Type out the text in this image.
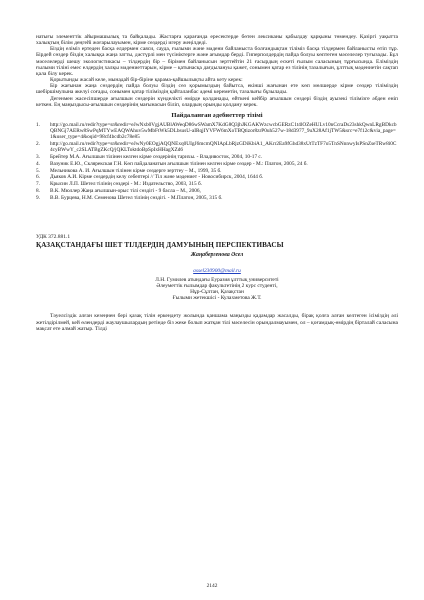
натығы элементтік айырмашылық та байқалады. Жастарға қарағанда ересектерде бөтен лексиканы қабылдау қарқыны төмендеу. Қазіргі уақытта халықтың білім деңгейі жоғарылауымен, кірме сөздерді игеру жеңілдеді.

Біздің еліміз ертеден басқа елдермен саяси, сауда, ғылыми және мәдени байланыста болғандықтан тіліміз басқа тілдермен байланысты өтіп тұр. Бірдей сөздер біздің халыққа жаңа затты, дәстүрлі мен түсініктерге және ағымдар берді. Гиперполдердің пайда болуы көптеген мәселелер туғызады. Бұл мәселелерді шешу экологистикасы – тілдердің бір – бірімен байланысын зерттейтін 21 ғасырдың ескеті ғылым саласының тұрғысында. Еліміздің ғылыми тіліні емес елдердің халқы мәдениеттарын, кірме – қатынасқа дағдылануы қажет, сонымен қатар ез тілінің тазалығын, ұлттық мәдениетін сақтап қала білу керек.

Қорытынды жасай келе, мынадай бір-біріне қарама-қайшылықты айта кету керек:

Бір жағынан жаңа сөздердің пайда болуы біздің сөз қорымыздың байытса, екінші жағынан ете көп мөлшерде кірме сөздер тіліміздің шебіршімулына әкелуі соғады, сонымен қатар тіліміздің қайталанбас әдемі кереметін, тазалығы бұзылады.

Дегенмен жасесіпшерде ағылшын сөздерін күнделікті өмірде қолданады, өйткені кейбір ағылшын сөздері біздің ауызекі тілімізге әбден еніп кеткен. Ең маңыздысы-ағылшын сөздерінің мағынасын біліп, олардың орынды қолдану керек.

Пайдаланған әдебиеттер тізімі
1.	http://go.mail.ru/redir?type=sr&redir=eJwNxb0VgjAUBlAWeqD86wSWamX7KdG8Q3jhJKGAKWzcwcbGERzC1t4lOZeHULv10nCcraDs23shkQwnLRgBDkcbQBNGj7AERw8SwPqMTYwEAQWAhuv5wMbFtWk5DLbsusU-aIRqjIYVFW6mXoTBQtizor8zrP0uh527w-18d3977_9uX28Af1jTW5&src=e7f12c&via_page=1&user_type=4&oqid=98cf4bcdb2c78e85
2.	http://go.mail.ru/redir?type=sr&redir=eJwNy0EOgjAQQNExq0UIgJ6mcmQNIApLbRjzGDiKbiA1_AKrr2Ea9fGhd38xUtTzTF7o5TnSNnnwyIsPSnZseTRw8i0C4cyBWwY_c2SLATBgZKcQ/jQKLToktdoBpSpIxHHagXZd6
3.	Брейтер М.А. Ағылшын тілінен келген кірме сөздерінің тарихы. - Владивосток, 2004, 10-17 с.
4.	Вазуник Е.Ю., Склярекская Г.Н. Көп пайдаланатын ағылшын тілінен келген кірме сөздер - М.: Платон, 2005, 24 б.
5.	Мельникова А. И. Ағылшын тілінен кірме сөздерге зерттеу – М., 1999, 35 б.
6.	Дьяков А.И. Кірме сөздердің келу себептері // Тіл және мәдениет - Новосибирск, 2004, 1644 б.
7.	Крысин Л.П. Шетел тілінің сөздері - М.: Издательство, 2003, 315 б.
8.	В.К. Мюллер Жаңа ағылшын-орыс тілі сөздігі - 9 басла – М., 2006,
9.	В.В. Бурцева, Н.М. Семенова Шетел тілінің сөздігі. - М.Платон, 2005, 315 б.

УДК 372.881.1

ҚАЗАҚСТАНДАҒЫ ШЕТ ТІЛДЕРДІҢ ДАМУЫНЫҢ ПЕРСПЕКТИВАСЫ
Жаңабергенова Әсел
assel230900@mail.ru

Л.Н. Гумилев атындағы Еуразия ұлттық университеті

Әлеуметтік ғылымдар факультетінің 2 курс студенті,

Нұр-Сұлтан, Қазақстан

Ғылыми жетекшісі - Кулахметова Ж.Т.

Тәуелсіздік алған кезеңнен бері қазақ тілін еркендету жолында қаншама маңызды қадамдар жасалды, бірақ қолға алған келтеген ісіміздің әлі жетілдірілмей, кей өлендерді жаулаушылардың ретінде біз жеке болып жатқан тілі мәселесін орындалмауымен, ол – қоғамдық-өмірдің бірталай саласына мақсат ете алмай жатыр. Тілді

2142
